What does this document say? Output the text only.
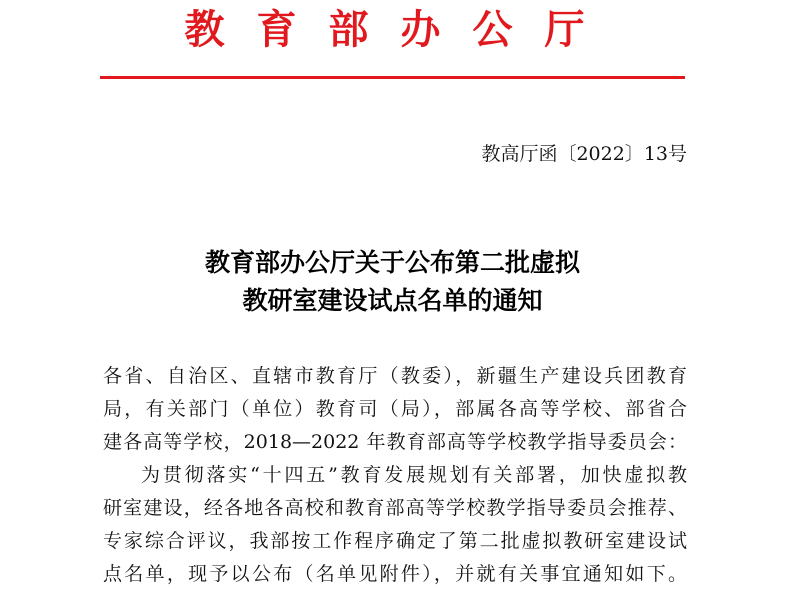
教育部办公厅
教高厅函〔2022〕13号
教育部办公厅关于公布第二批虚拟
教研室建设试点名单的通知
各省、自治区、直辖市教育厅（教委），新疆生产建设兵团教育
局，有关部门（单位）教育司（局），部属各高等学校、部省合
建各高等学校，2018—2022 年教育部高等学校教学指导委员会：
为贯彻落实“十四五”教育发展规划有关部署，加快虚拟教
研室建设，经各地各高校和教育部高等学校教学指导委员会推荐、
专家综合评议，我部按工作程序确定了第二批虚拟教研室建设试
点名单，现予以公布（名单见附件），并就有关事宜通知如下。
